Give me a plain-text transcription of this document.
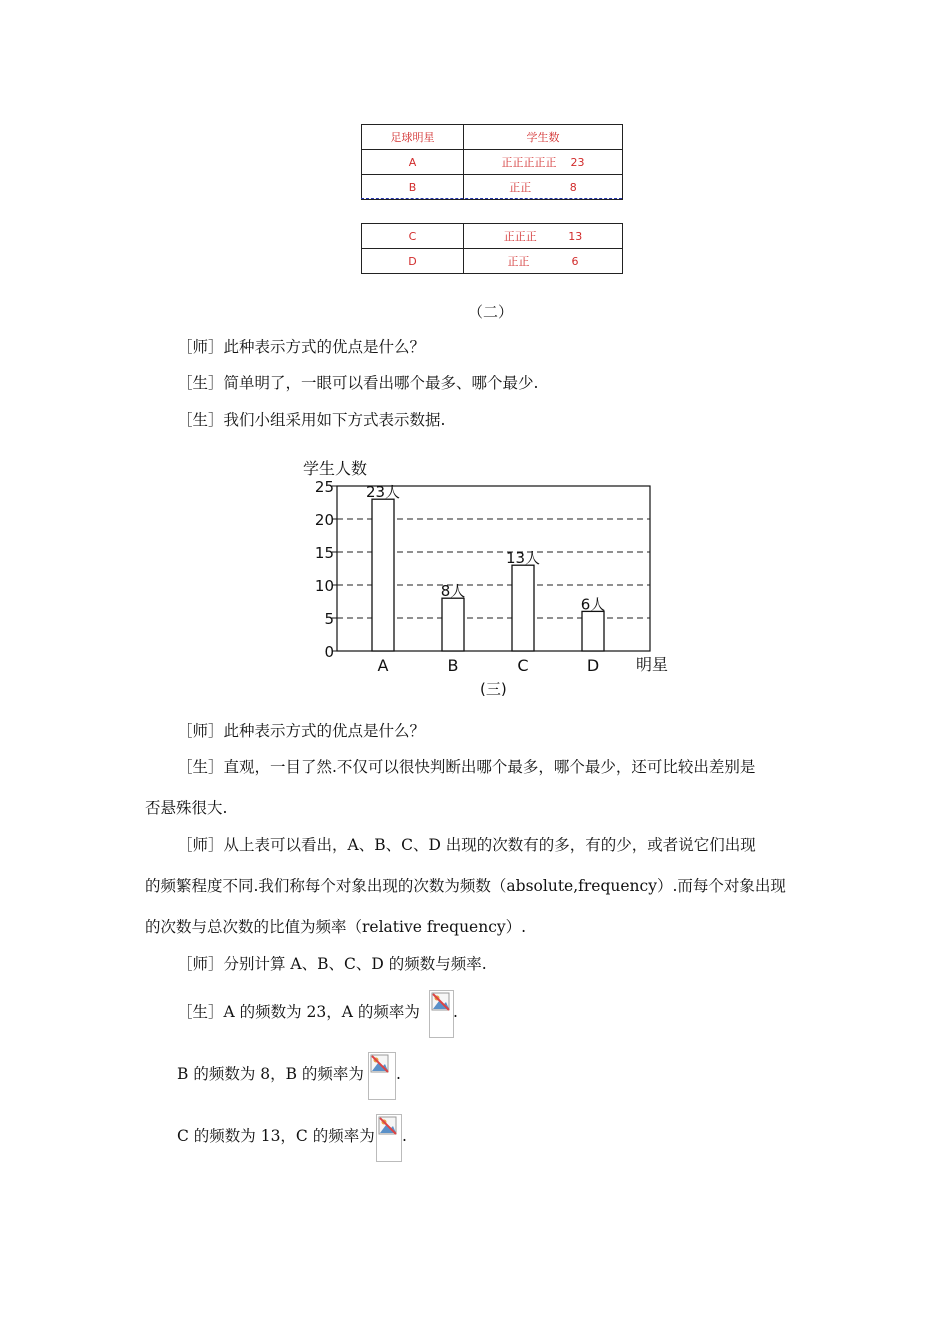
足球明星	学生数
A	正正正正正 23
B	正正 8
C	正正正 13
D	正正 6
（二）
［师］此种表示方式的优点是什么？
［生］简单明了，一眼可以看出哪个最多、哪个最少.
［生］我们小组采用如下方式表示数据.
学生人数
明星
(三)
0
5
10
15
20
25
A	B	C	D
23人
8人
13人
6人
［师］此种表示方式的优点是什么？
［生］直观，一目了然.不仅可以很快判断出哪个最多，哪个最少，还可比较出差别是
否悬殊很大.
［师］从上表可以看出，A、B、C、D 出现的次数有的多，有的少，或者说它们出现
的频繁程度不同.我们称每个对象出现的次数为频数（absolute,frequency）.而每个对象出现
的次数与总次数的比值为频率（relative frequency）.
［师］分别计算 A、B、C、D 的频数与频率.
［生］A 的频数为 23，A 的频率为 .
B 的频数为 8，B 的频率为 .
C 的频数为 13，C 的频率为 .
